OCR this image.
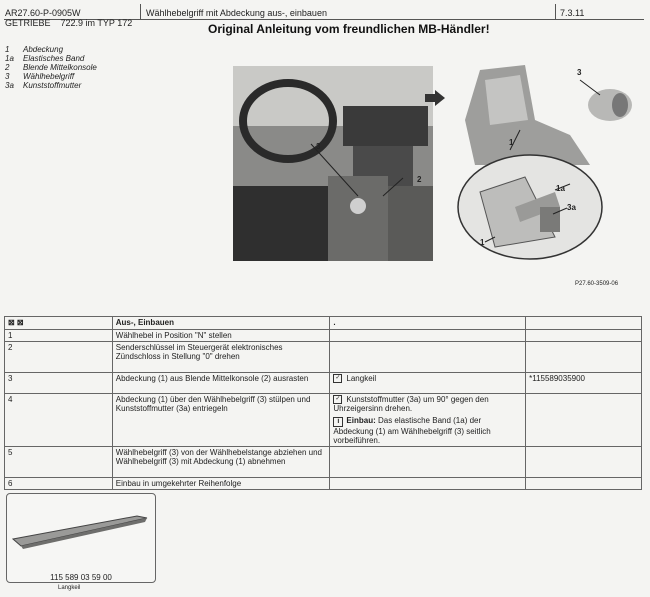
AR27.60-P-0905W	Wählhebelgriff mit Abdeckung aus-, einbauen	7.3.11
GETRIEBE 722.9 im TYP 172	Original Anleitung vom freundlichen MB-Händler!
1	Abdeckung
1a	Elastisches Band
2	Blende Mittelkonsole
3	Wählhebelgriff
3a	Kunststoffmutter
3
2
3
1
1a
3a
1
P27.60-3509-06
⊠ ⊠	Aus-, Einbauen	.	
1	Wählhebel in Position "N" stellen		
2	Senderschlüssel im Steuergerät elektronisches Zündschloss in Stellung "0" drehen		
3	Abdeckung (1) aus Blende Mittelkonsole (2) ausrasten	✓ Langkeil	*115589035900
4	Abdeckung (1) über den Wählhebelgriff (3) stülpen und Kunststoffmutter (3a) entriegeln	✓ Kunststoffmutter (3a) um 90° gegen den Uhrzeigersinn drehen.
i Einbau: Das elastische Band (1a) der Abdeckung (1) am Wählhebelgriff (3) seitlich vorbeiführen.	

5	Wählhebelgriff (3) von der Wählhebelstange abziehen und Wählhebelgriff (3) mit Abdeckung (1) abnehmen		
6	Einbau in umgekehrter Reihenfolge		
115 589 03 59 00
Langkeil
